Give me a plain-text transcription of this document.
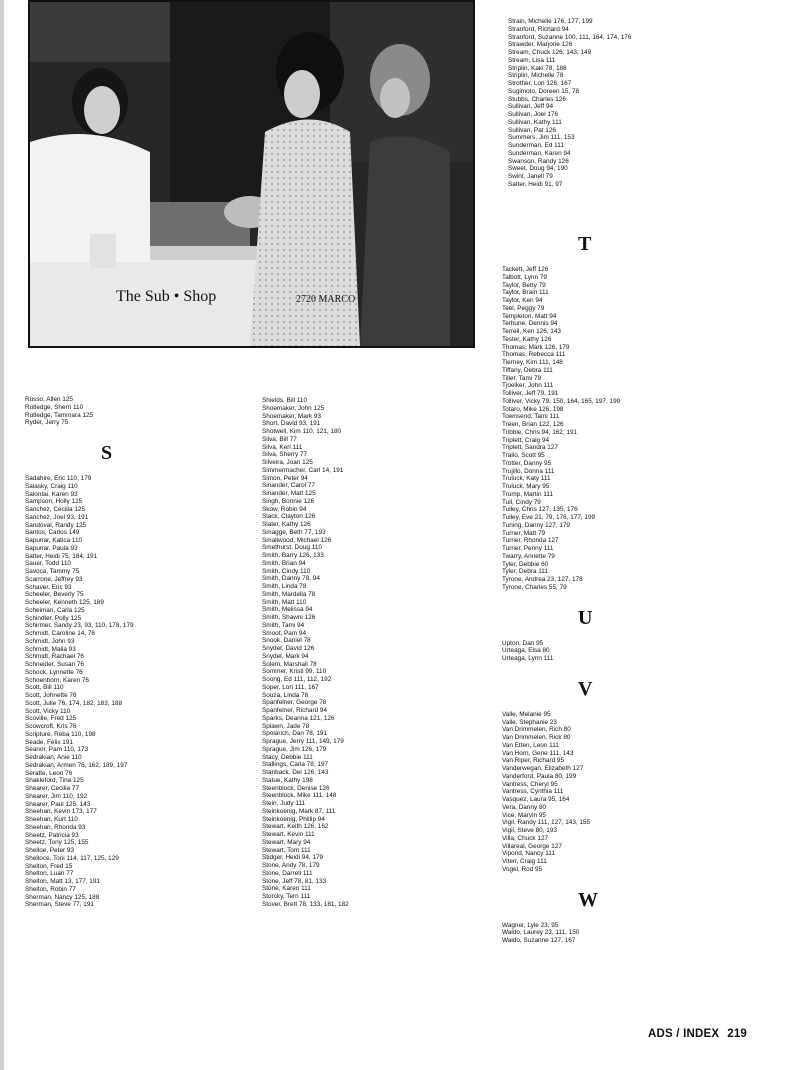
The Sub • Shop	2720 MARCO
Russo, Allen 125
Rutledge, Sherri 110
Rutledge, Tammara 125
Ryder, Jerry 75
S
Sadahire, Eric 110, 179
Salasky, Craig 110
Salontai, Karen 93
Sampson, Holly 125
Sanchez, Cecilia 125
Sanchez, Joel 93, 191
Sandoval, Randy 125
Santos, Carlos 149
Sapunar, Katica 110
Sapunar, Paula 93
Satter, Heidi 75, 184, 191
Sauer, Todd 110
Savoca, Tammy 75
Scarrone, Jeffrey 93
Schaver, Eric 93
Scheeler, Beverly 75
Scheeler, Kenneth 125, 189
Scheiman, Carla 125
Schindler, Polly 125
Schirmer, Sandy 23, 93, 110, 178, 179
Schmidt, Caroline 14, 76
Schmidt, John 93
Schmidt, Malia 93
Schmidt, Rachael 76
Schneider, Susan 76
Schock, Lynnette 76
Schoenborn, Karen 76
Scott, Bill 110
Scott, Johnette 76
Scott, Julie 76, 174, 182, 183, 188
Scott, Vicky 110
Scoville, Fred 125
Scowcroft, Kris 76
Scripture, Reba 110, 198
Seade, Felix 191
Seanor, Pam 110, 173
Sedrakian, Anie 110
Sedrakian, Armen 76, 162, 189, 197
Seratte, Leon 76
Shakleford, Tina 125
Shearer, Cecilia 77
Shearer, Jim 110, 192
Shearer, Paul 125, 143
Sheehan, Kevin 173, 177
Sheehan, Kurt 110
Sheehan, Rhonda 93
Sheetz, Patricia 93
Sheetz, Tony 125, 155
Shelloe, Peter 93
Shelloce, Toni 114, 117, 125, 129
Shelton, Fred 15
Shelton, Luan 77
Shelton, Matt 13, 177, 191
Shelton, Robin 77
Sherman, Nancy 125, 188
Sherman, Steve 77, 191
Shields, Bill 110
Shoemaker, John 125
Shoemaker, Mark 93
Short, David 93, 191
Shotwell, Kim 110, 121, 180
Silva, Bill 77
Silva, Keri 111
Silva, Sherry 77
Silveira, Joan 125
Simmermacher, Carl 14, 191
Simon, Peter 94
Sinander, Carol 77
Sinander, Matt 125
Singh, Bonnie 126
Skow, Robin 94
Slack, Clayton 126
Slater, Kathy 126
Smagge, Beth 77, 193
Smallwood, Michael 126
Smethurst, Doug 110
Smith, Barry 126, 133
Smith, Brian 94
Smith, Cindy 110
Smith, Danny 78, 94
Smith, Linda 78
Smith, Mardella 78
Smith, Matt 110
Smith, Melissa 94
Smith, Shawni 126
Smith, Tami 94
Smoot, Pam 94
Snook, Daniel 78
Snyder, David 126
Snyder, Mark 94
Solem, Marshall 78
Sommer, Kristi 99, 110
Soong, Ed 111, 112, 192
Soper, Lori 111, 167
Souza, Linda 78
Spanfelner, George 78
Spanfelner, Richard 94
Sparks, Deanna 121, 126
Splawn, Jade 78
Spolarich, Dan 78, 191
Sprague, Jerry 111, 149, 179
Sprague, Jim 126, 179
Stacy, Debbie 111
Stallings, Carla 78, 197
Stanback, Del 126, 143
Statue, Kathy 198
Steenblock, Denise 126
Steenblock, Mike 111, 148
Stein, Judy 111
Steinkoenig, Mark 87, 111
Steinkoenig, Phillip 94
Stewart, Keith 126, 162
Stewart, Kevin 111
Stewart, Mary 94
Stewart, Tom 111
Stidger, Heidi 94, 179
Stone, Andy 78, 179
Stone, Darrell 111
Stone, Jeff 78, 81, 133
Stone, Karen 111
Storcky, Terri 111
Stover, Brett 78, 133, 181, 182
Strain, Michelle 176, 177, 199
Stranford, Richard 94
Stranford, Suzanne 100, 111, 164, 174, 176
Strawder, Marjorie 126
Stream, Chuck 126, 143, 149
Stream, Lisa 111
Striplin, Kaki 78, 188
Striplin, Michelle 78
Strother, Lori 126, 167
Sugimoto, Doreen 15, 78
Stubbs, Charles 126
Sullivan, Jeff 94
Sullivan, Joel 176
Sullivan, Kathy 111
Sullivan, Pat 126
Summers, Jim 111, 153
Sunderman, Ed 111
Sunderman, Karen 94
Swanson, Randy 126
Sweet, Doug 94, 190
Swint, Janell 79
Satter, Heidi 91, 97
T
Tackett, Jeff 126
Talbott, Lynn 79
Taylor, Betty 79
Taylor, Brain 111
Taylor, Ken 94
Teel, Peggy 79
Templeton, Matt 94
Terhune, Dennis 94
Terrell, Ken 126, 143
Tester, Kathy 126
Thomas, Mark 126, 179
Thomas, Rebecca 111
Tierney, Kim 111, 148
Tiffany, Debra 111
Tiller, Tami 79
Tjoelker, John 111
Tolliver, Jeff 79, 191
Tolliver, Vicky 79, 150, 164, 165, 197, 199
Totaro, Mike 126, 198
Townsend, Tami 111
Treen, Brian 122, 126
Tribble, Chris 94, 162, 191
Triplett, Craig 94
Triplett, Sandra 127
Tralio, Scott 95
Trotter, Danny 95
Trujillo, Donna 111
Truluck, Katy 111
Truluck, Mary 95
Trump, Martin 111
Tull, Cindy 79
Tulley, Chris 127, 135, 176
Tulley, Eve 21, 79, 176, 177, 199
Tuning, Danny 127, 179
Turner, Matt 79
Turner, Rhonda 127
Turner, Penny 111
Twarry, Annette 79
Tyler, Debbie 60
Tyler, Debra 111
Tyrone, Andrea 23, 127, 178
Tyrone, Charles 55, 79
U
Upton, Dan 95
Urteaga, Elsa 80
Urteaga, Lynn 111
V
Valle, Melanie 95
Valle, Stephanie 23
Van Drimmelen, Rich 80
Van Drimmelen, Rick 80
Van Etten, Leon 111
Van Horn, Gene 111, 143
Van Riper, Richard 95
Vanderwegan, Elizabeth 127
Vanderford, Paula 80, 199
Vantress, Cheryl 95
Vantress, Cynthia 111
Vasquez, Laura 95, 164
Vera, Danny 80
Vice, Marvin 95
Vigil, Randy 111, 127, 143, 155
Vigil, Steve 80, 193
Villa, Chuck 127
Villareal, George 127
Vipond, Nancy 111
Viteri, Craig 111
Vogel, Rod 95
W
Wagner, Lyle 23, 95
Waldo, Laurey 23, 111, 150
Waldo, Suzanne 127, 167
ADS / INDEX 219
